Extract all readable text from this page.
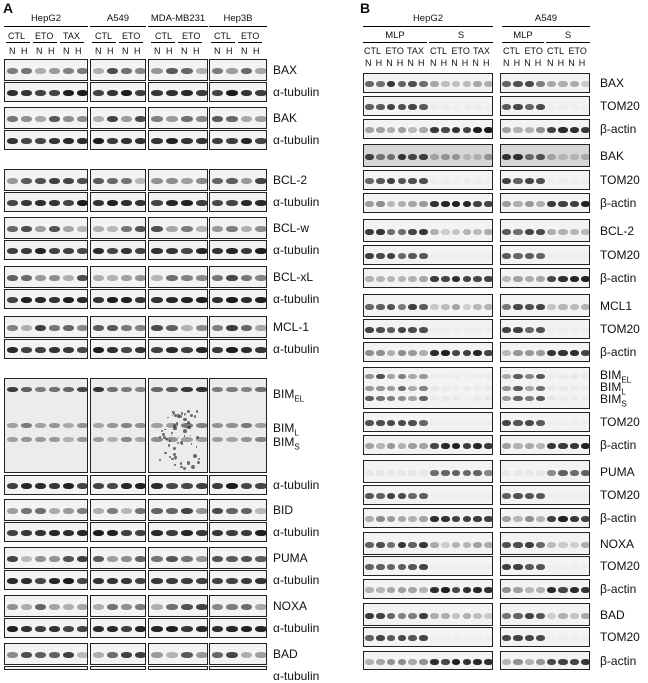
A	B
HepG2	A549	MDA-MB231	Hep3B
CTL ETO TAX CTL ETO CTL ETO CTL ETO
N H N H N H N H N H N H N H N H N H
BAX
α-tubulin
BAK
α-tubulin
BCL-2
α-tubulin
BCL-w
α-tubulin
BCL-xL
α-tubulin
MCL-1
α-tubulin
$BIM_{EL}$
$BIM_L$
$BIM_S$
α-tubulin
BID
α-tubulin
PUMA
α-tubulin
NOXA
α-tubulin
BAD
α-tubulin
HepG2	A549
MLP	S	MLP	S
CTL ETO TAX CTL ETO TAX CTL ETO CTL ETO
N H N H N H N H N H N H N H N H N H N H
BAX
TOM20
β-actin
BAK
TOM20
β-actin
BCL-2
TOM20
β-actin
MCL1
TOM20
β-actin
$BIM_{EL}$
$BIM_L$
$BIM_S$
TOM20
β-actin
PUMA
TOM20
β-actin
NOXA
TOM20
β-actin
BAD
TOM20
β-actin
